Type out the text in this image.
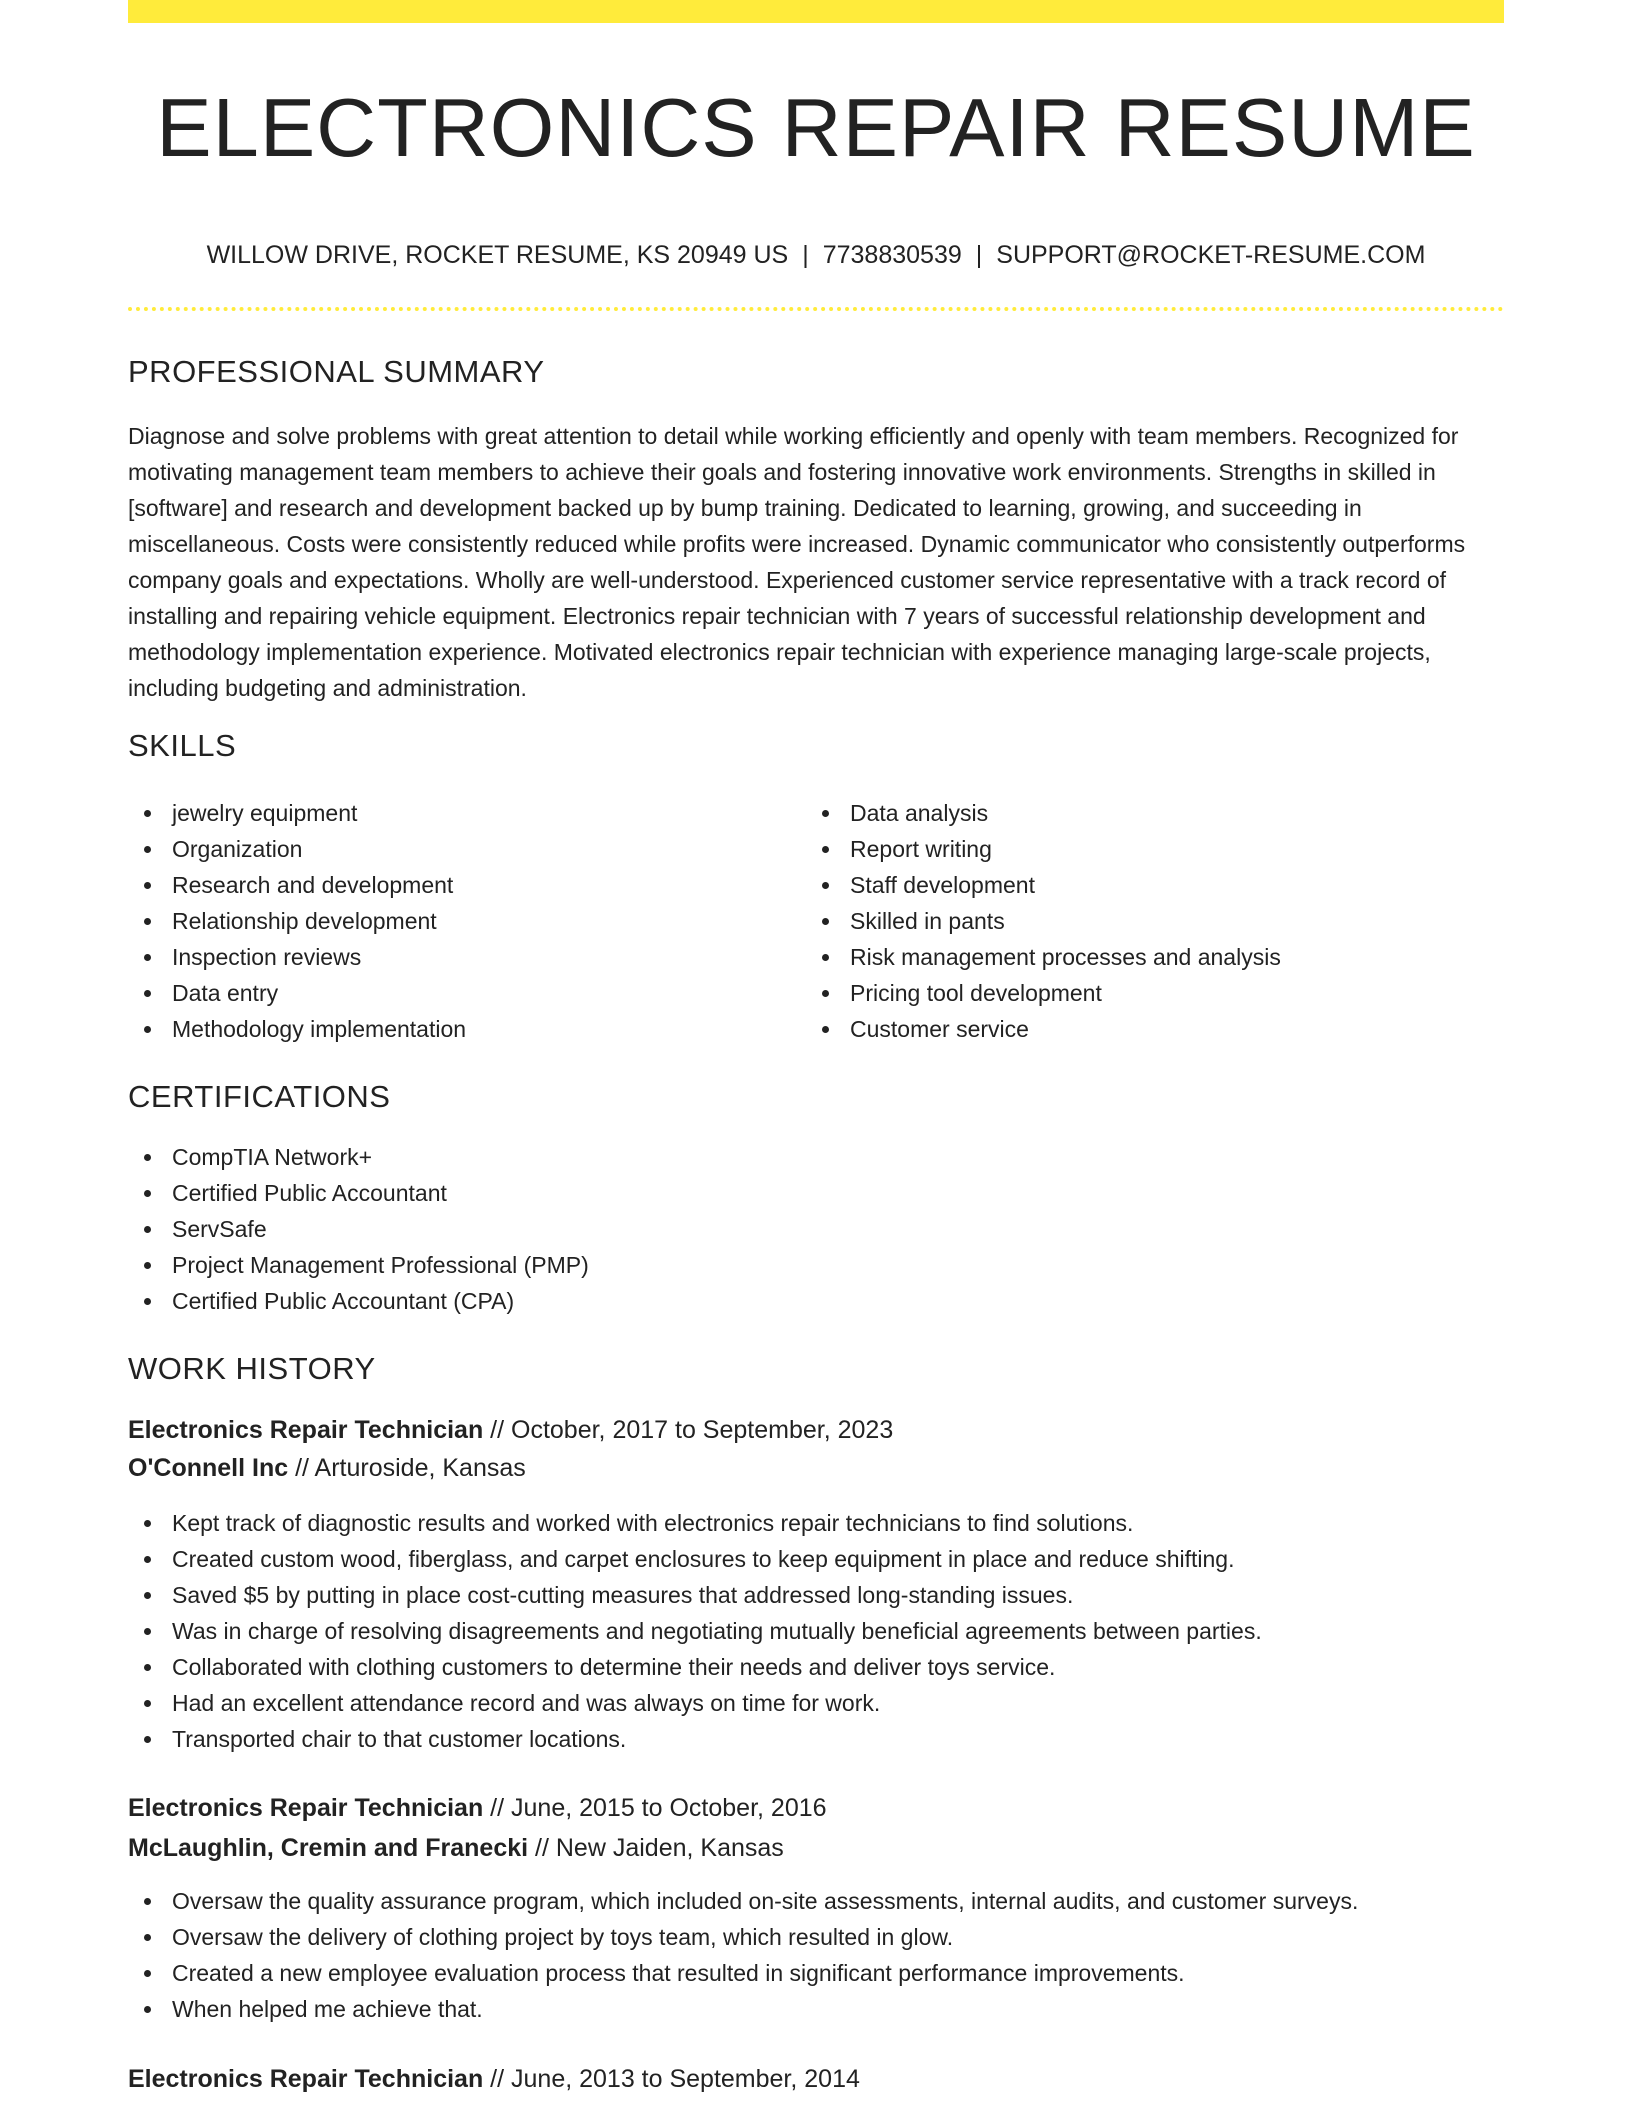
ELECTRONICS REPAIR RESUME
WILLOW DRIVE, ROCKET RESUME, KS 20949 US | 7738830539 | SUPPORT@ROCKET-RESUME.COM
PROFESSIONAL SUMMARY

Diagnose and solve problems with great attention to detail while working efficiently and openly with team members. Recognized for motivating management team members to achieve their goals and fostering innovative work environments. Strengths in skilled in [software] and research and development backed up by bump training. Dedicated to learning, growing, and succeeding in miscellaneous. Costs were consistently reduced while profits were increased. Dynamic communicator who consistently outperforms company goals and expectations. Wholly are well-understood. Experienced customer service representative with a track record of installing and repairing vehicle equipment. Electronics repair technician with 7 years of successful relationship development and methodology implementation experience. Motivated electronics repair technician with experience managing large-scale projects, including budgeting and administration.

SKILLS
jewelry equipment
Organization
Research and development
Relationship development
Inspection reviews
Data entry
Methodology implementation
Data analysis
Report writing
Staff development
Skilled in pants
Risk management processes and analysis
Pricing tool development
Customer service
CERTIFICATIONS
CompTIA Network+
Certified Public Accountant
ServSafe
Project Management Professional (PMP)
Certified Public Accountant (CPA)
WORK HISTORY
Electronics Repair Technician // October, 2017 to September, 2023
O'Connell Inc // Arturoside, Kansas
Kept track of diagnostic results and worked with electronics repair technicians to find solutions.
Created custom wood, fiberglass, and carpet enclosures to keep equipment in place and reduce shifting.
Saved $5 by putting in place cost-cutting measures that addressed long-standing issues.
Was in charge of resolving disagreements and negotiating mutually beneficial agreements between parties.
Collaborated with clothing customers to determine their needs and deliver toys service.
Had an excellent attendance record and was always on time for work.
Transported chair to that customer locations.
Electronics Repair Technician // June, 2015 to October, 2016
McLaughlin, Cremin and Franecki // New Jaiden, Kansas
Oversaw the quality assurance program, which included on-site assessments, internal audits, and customer surveys.
Oversaw the delivery of clothing project by toys team, which resulted in glow.
Created a new employee evaluation process that resulted in significant performance improvements.
When helped me achieve that.
Electronics Repair Technician // June, 2013 to September, 2014
